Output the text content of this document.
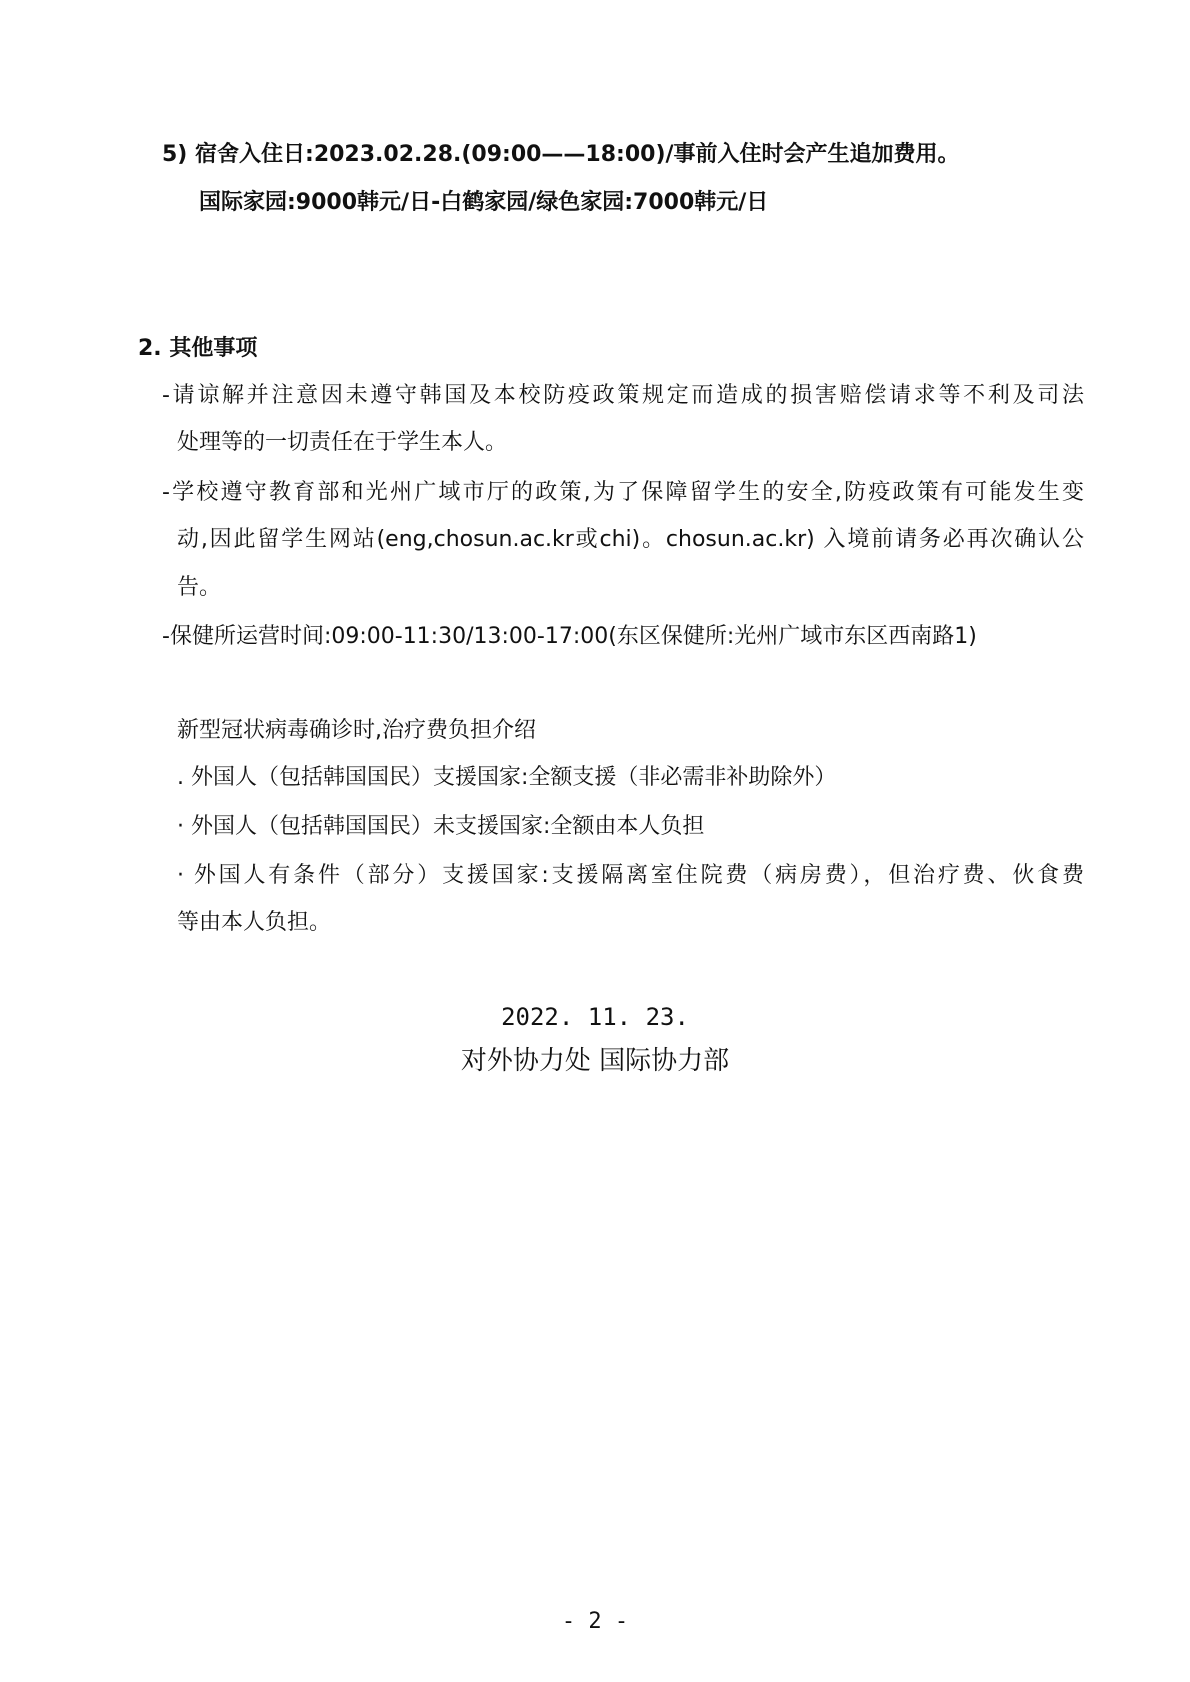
5) 宿舍入住日:2023.02.28.(09:00——18:00)/事前入住时会产生追加费用。
国际家园:9000韩元/日-白鹤家园/绿色家园:7000韩元/日
2. 其他事项
-请谅解并注意因未遵守韩国及本校防疫政策规定而造成的损害赔偿请求等不利及司法
处理等的一切责任在于学生本人。
-学校遵守教育部和光州广域市厅的政策,为了保障留学生的安全,防疫政策有可能发生变
动,因此留学生网站(eng,chosun.ac.kr或chi)。chosun.ac.kr) 入境前请务必再次确认公
告。
-保健所运营时间:09:00-11:30/13:00-17:00(东区保健所:光州广域市东区西南路1)
新型冠状病毒确诊时,治疗费负担介绍
. 外国人（包括韩国国民）支援国家:全额支援（非必需非补助除外）
· 外国人（包括韩国国民）未支援国家:全额由本人负担
· 外国人有条件（部分）支援国家:支援隔离室住院费（病房费），但治疗费、伙食费
等由本人负担。
2022. 11. 23.
对外协力处 国际协力部
- 2 -
